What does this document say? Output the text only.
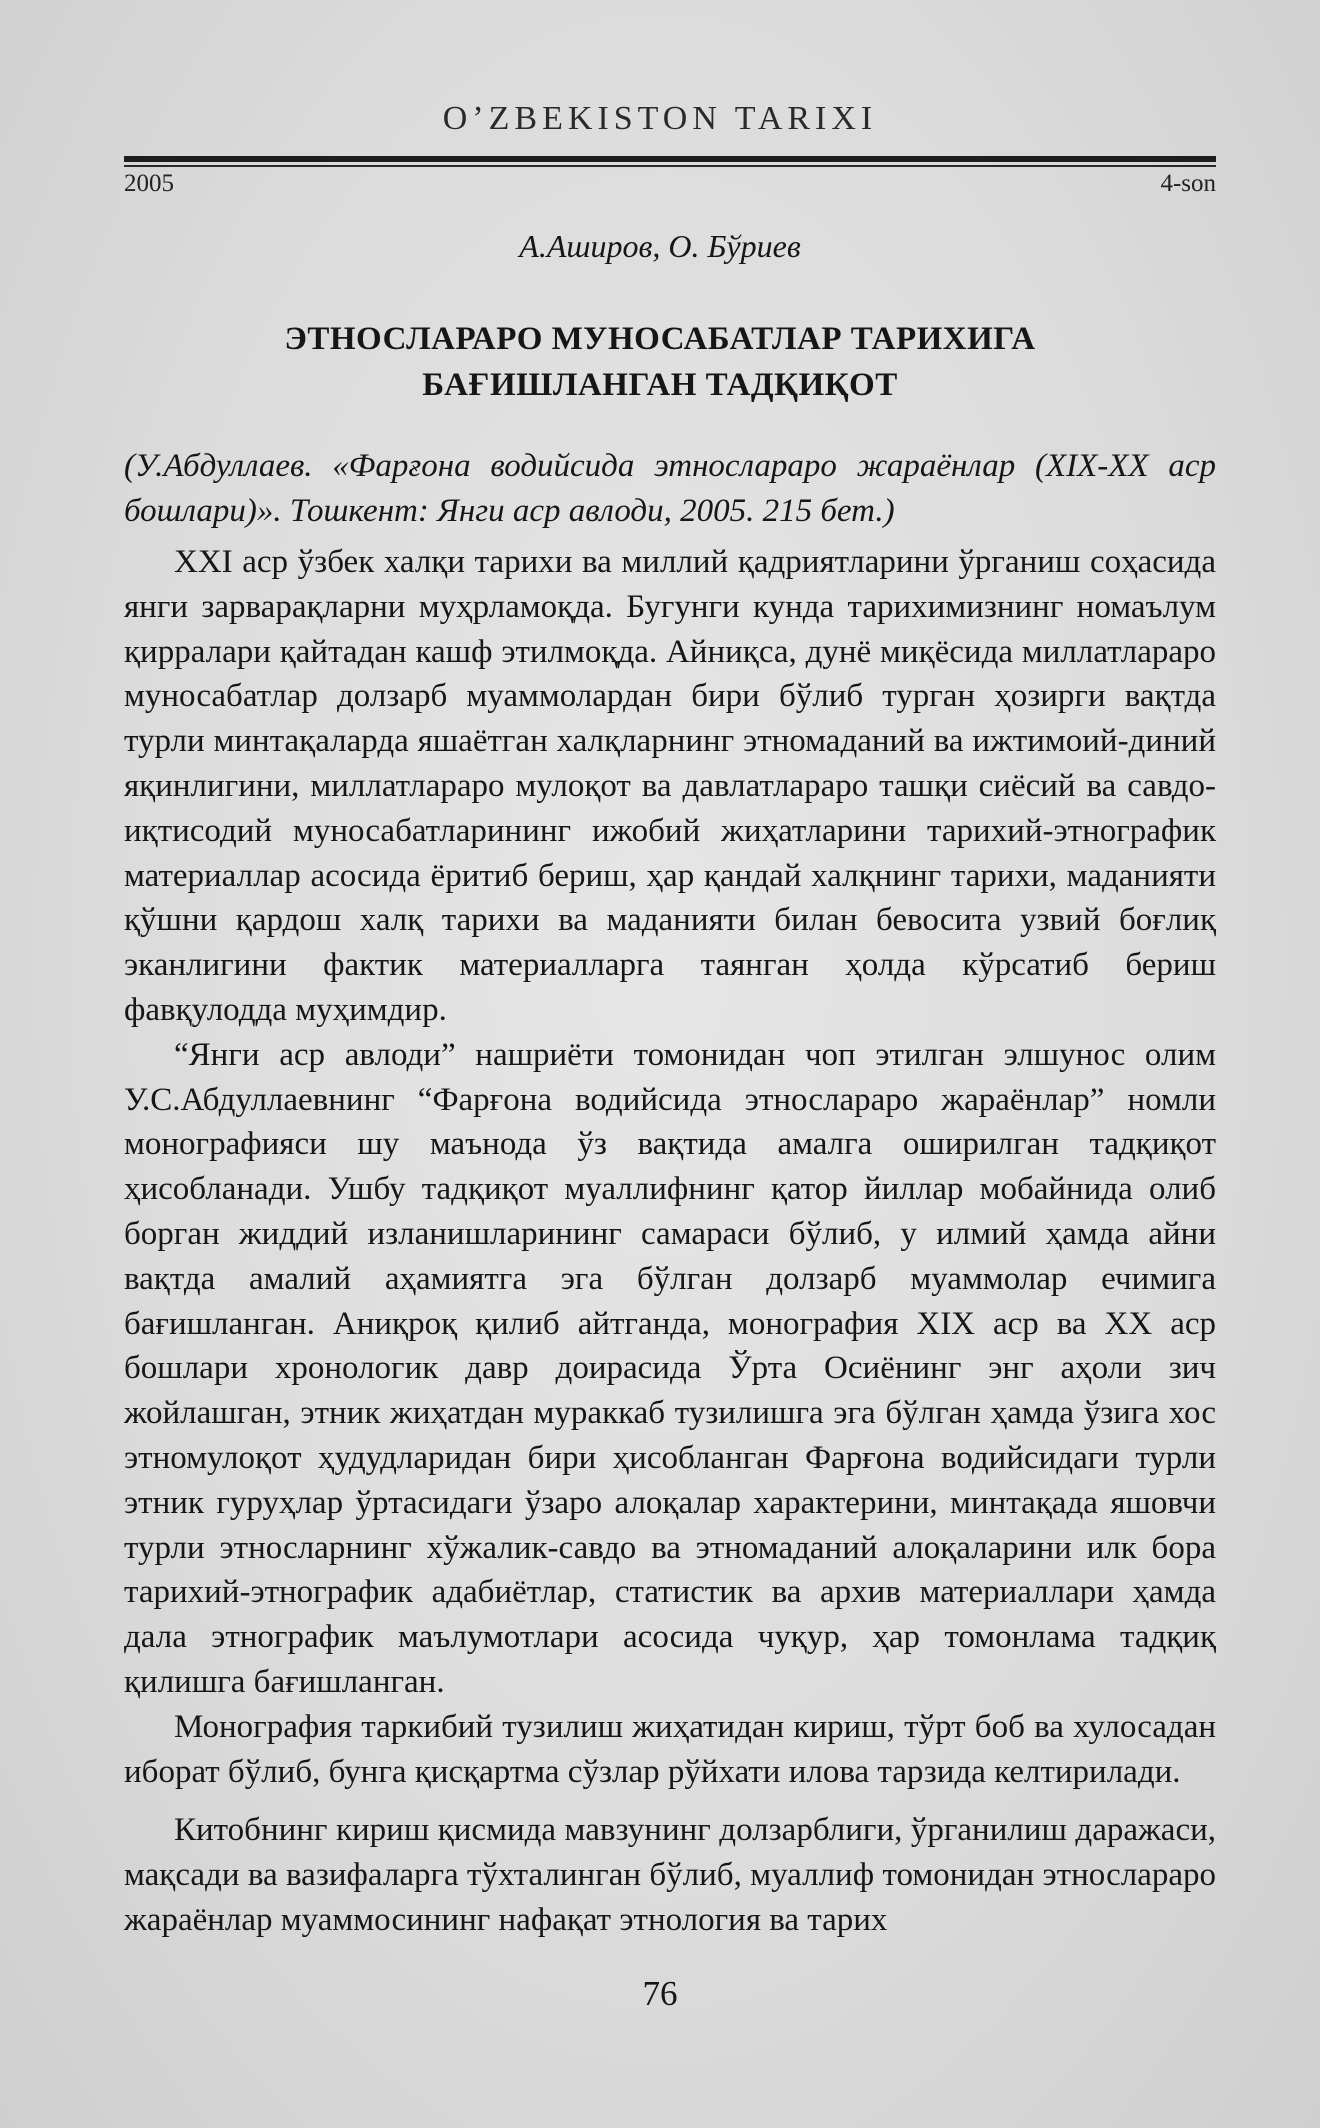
O’ZBEKISTON TARIXI
2005	4-son
А.Аширов, О. Бўриев
ЭТНОСЛАРАРО МУНОСАБАТЛАР ТАРИХИГА
БАҒИШЛАНГАН ТАДҚИҚОТ
(У.Абдуллаев. «Фарғона водийсида этнослараро жараёнлар (XIX-XX аср бошлари)». Тошкент: Янги аср авлоди, 2005. 215 бет.)

XXI аср ўзбек халқи тарихи ва миллий қадриятларини ўрганиш соҳасида янги зарварақларни муҳрламоқда. Бугунги кунда тарихимизнинг номаълум қирралари қайтадан кашф этилмоқда. Айниқса, дунё миқёсида миллатлараро муносабатлар долзарб муаммолардан бири бўлиб турган ҳозирги вақтда турли минтақаларда яшаётган халқларнинг этномаданий ва ижтимоий-диний яқинлигини, миллатлараро мулоқот ва давлатлараро ташқи сиёсий ва савдо-иқтисодий муносабатларининг ижобий жиҳатларини тарихий-этнографик материаллар асосида ёритиб бериш, ҳар қандай халқнинг тарихи, маданияти қўшни қардош халқ тарихи ва маданияти билан бевосита узвий боғлиқ эканлигини фактик материалларга таянган ҳолда кўрсатиб бериш фавқулодда муҳимдир.

“Янги аср авлоди” нашриёти томонидан чоп этилган элшунос олим У.С.Абдуллаевнинг “Фарғона водийсида этнослараро жараёнлар” номли монографияси шу маънода ўз вақтида амалга оширилган тадқиқот ҳисобланади. Ушбу тадқиқот муаллифнинг қатор йиллар мобайнида олиб борган жиддий изланишларининг самараси бўлиб, у илмий ҳамда айни вақтда амалий аҳамиятга эга бўлган долзарб муаммолар ечимига бағишланган. Аниқроқ қилиб айтганда, монография XIX аср ва XX аср бошлари хронологик давр доирасида Ўрта Осиёнинг энг аҳоли зич жойлашган, этник жиҳатдан мураккаб тузилишга эга бўлган ҳамда ўзига хос этномулоқот ҳудудларидан бири ҳисобланган Фарғона водийсидаги турли этник гуруҳлар ўртасидаги ўзаро алоқалар характерини, минтақада яшовчи турли этносларнинг хўжалик-савдо ва этномаданий алоқаларини илк бора тарихий-этнографик адабиётлар, статистик ва архив материаллари ҳамда дала этнографик маълумотлари асосида чуқур, ҳар томонлама тадқиқ қилишга бағишланган.

Монография таркибий тузилиш жиҳатидан кириш, тўрт боб ва хулосадан иборат бўлиб, бунга қисқартма сўзлар рўйхати илова тарзида келтирилади.

Китобнинг кириш қисмида мавзунинг долзарблиги, ўрганилиш даражаси, мақсади ва вазифаларга тўхталинган бўлиб, муаллиф томонидан этнослараро жараёнлар муаммосининг нафақат этнология ва тарих

76
